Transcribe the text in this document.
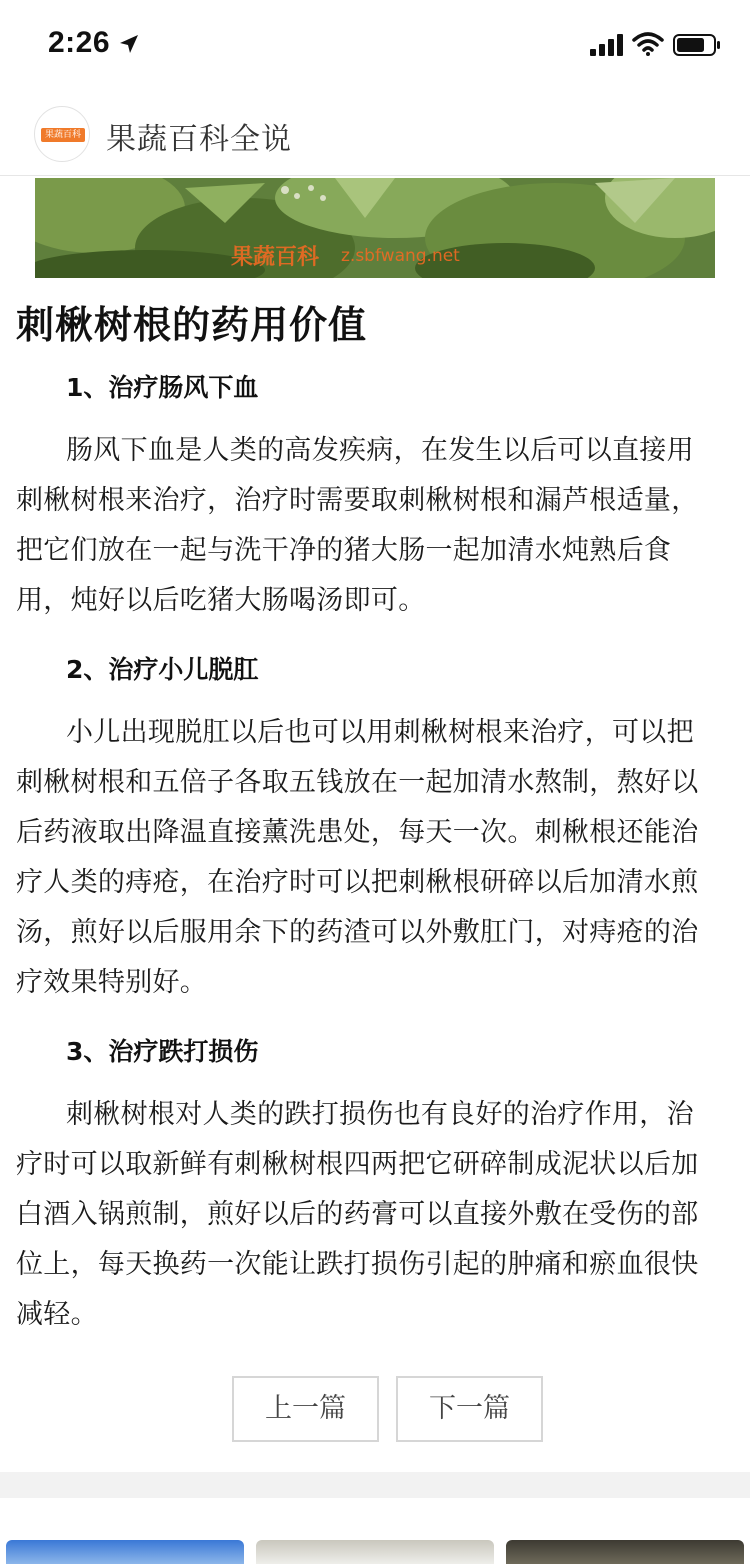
2:26
果蔬百科 果蔬百科全说
果蔬百科 z.sbfwang.net
刺楸树根的药用价值
1、治疗肠风下血

肠风下血是人类的高发疾病，在发生以后可以直接用刺楸树根来治疗，治疗时需要取刺楸树根和漏芦根适量，把它们放在一起与洗干净的猪大肠一起加清水炖熟后食用，炖好以后吃猪大肠喝汤即可。

2、治疗小儿脱肛

小儿出现脱肛以后也可以用刺楸树根来治疗，可以把刺楸树根和五倍子各取五钱放在一起加清水熬制，熬好以后药液取出降温直接薰洗患处，每天一次。刺楸根还能治疗人类的痔疮，在治疗时可以把刺楸根研碎以后加清水煎汤，煎好以后服用余下的药渣可以外敷肛门，对痔疮的治疗效果特别好。

3、治疗跌打损伤

刺楸树根对人类的跌打损伤也有良好的治疗作用，治疗时可以取新鲜有刺楸树根四两把它研碎制成泥状以后加白酒入锅煎制，煎好以后的药膏可以直接外敷在受伤的部位上，每天换药一次能让跌打损伤引起的肿痛和瘀血很快减轻。

上一篇	下一篇
